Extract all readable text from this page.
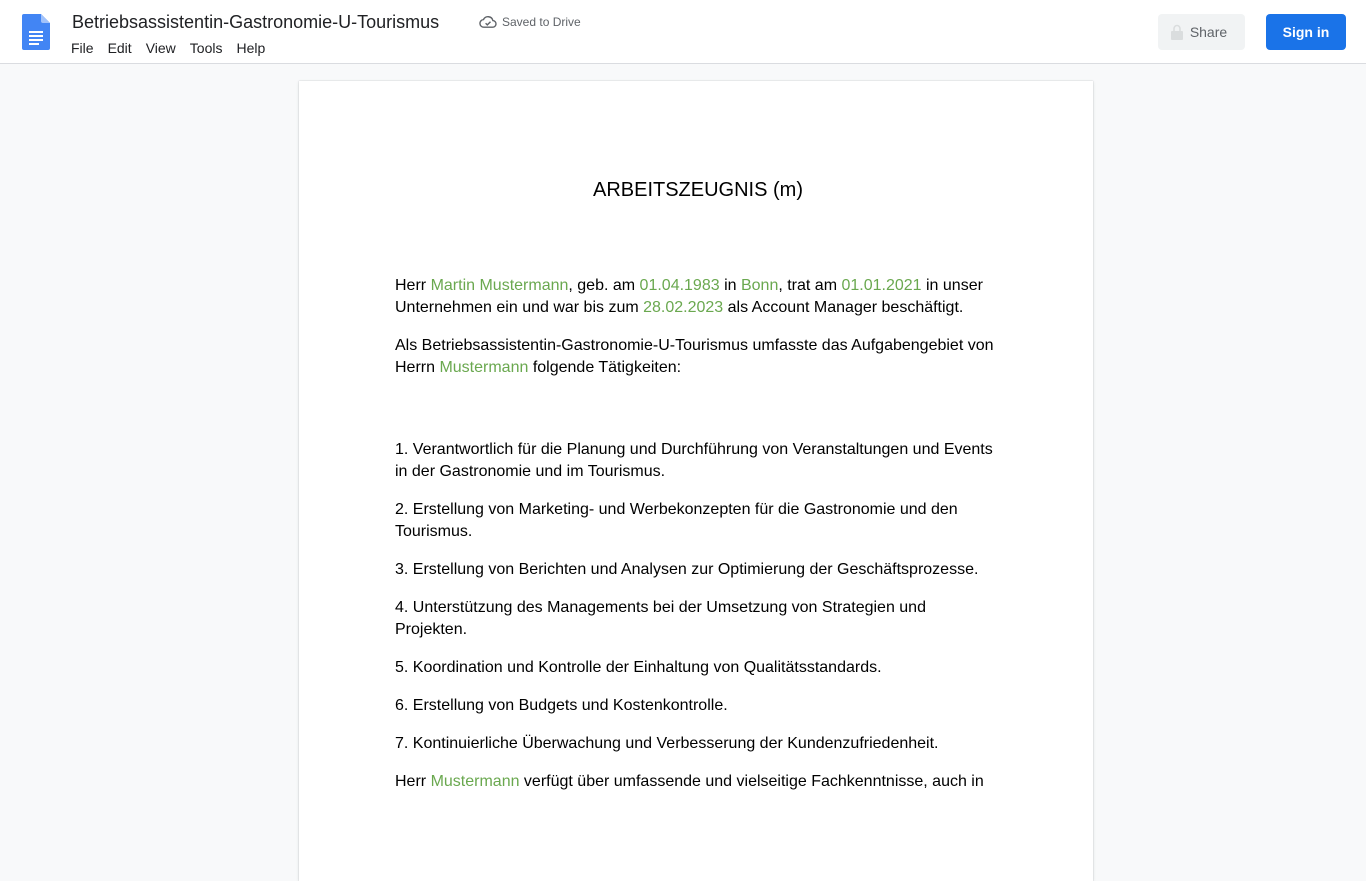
Betriebsassistentin-Gastronomie-U-Tourismus	Saved to Drive
File	Edit	View	Tools	Help
Share	Sign in
ARBEITSZEUGNIS (m)

Herr Martin Mustermann, geb. am 01.04.1983 in Bonn, trat am 01.01.2021 in unser Unternehmen ein und war bis zum 28.02.2023 als Account Manager beschäftigt.

Als Betriebsassistentin-Gastronomie-U-Tourismus umfasste das Aufgabengebiet von Herrn Mustermann folgende Tätigkeiten:

1. Verantwortlich für die Planung und Durchführung von Veranstaltungen und Events in der Gastronomie und im Tourismus.

2. Erstellung von Marketing- und Werbekonzepten für die Gastronomie und den Tourismus.

3. Erstellung von Berichten und Analysen zur Optimierung der Geschäftsprozesse.

4. Unterstützung des Managements bei der Umsetzung von Strategien und Projekten.

5. Koordination und Kontrolle der Einhaltung von Qualitätsstandards.

6. Erstellung von Budgets und Kostenkontrolle.

7. Kontinuierliche Überwachung und Verbesserung der Kundenzufriedenheit.

Herr Mustermann verfügt über umfassende und vielseitige Fachkenntnisse, auch in
